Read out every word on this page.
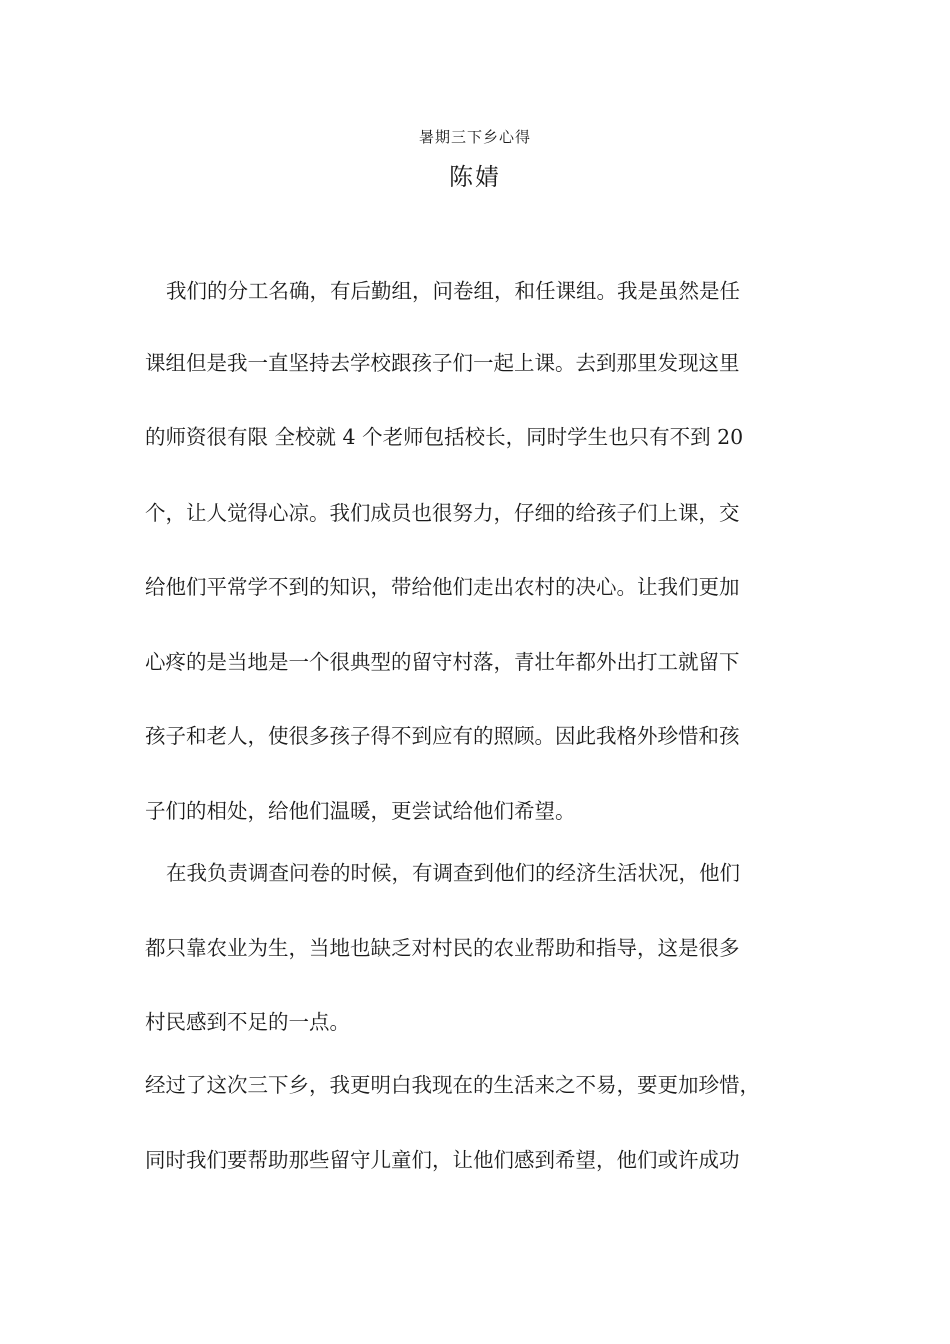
暑期三下乡心得
陈婧
我们的分工名确，有后勤组，问卷组，和任课组。我是虽然是任
课组但是我一直坚持去学校跟孩子们一起上课。去到那里发现这里
的师资很有限 全校就 4 个老师包括校长，同时学生也只有不到 20
个，让人觉得心凉。我们成员也很努力，仔细的给孩子们上课，交
给他们平常学不到的知识，带给他们走出农村的决心。让我们更加
心疼的是当地是一个很典型的留守村落，青壮年都外出打工就留下
孩子和老人，使很多孩子得不到应有的照顾。因此我格外珍惜和孩
子们的相处，给他们温暖，更尝试给他们希望。
在我负责调查问卷的时候，有调查到他们的经济生活状况，他们
都只靠农业为生，当地也缺乏对村民的农业帮助和指导，这是很多
村民感到不足的一点。
经过了这次三下乡，我更明白我现在的生活来之不易，要更加珍惜，
同时我们要帮助那些留守儿童们，让他们感到希望，他们或许成功
